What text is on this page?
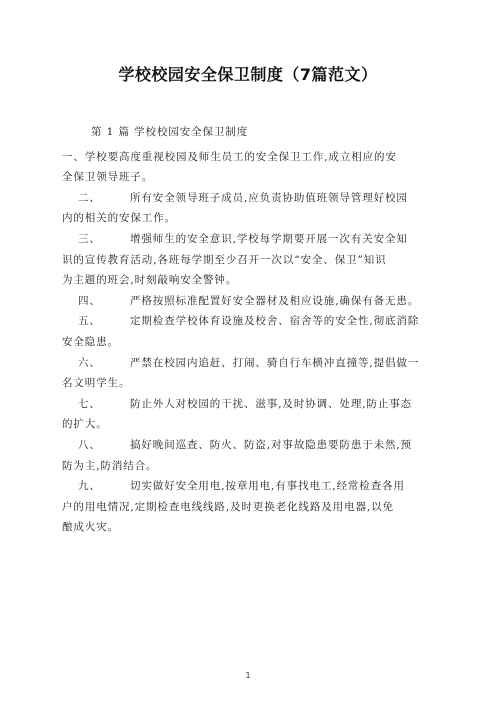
学校校园安全保卫制度（7篇范文）
第 1 篇 学校校园安全保卫制度
一、学校要高度重视校园及师生员工的安全保卫工作,成立相应的安
全保卫领导班子。
二、	所有安全领导班子成员,应负责协助值班领导管理好校园
内的相关的安保工作。
三、	增强师生的安全意识,学校每学期要开展一次有关安全知
识的宣传教育活动,各班每学期至少召开一次以“安全、保卫”知识
为主题的班会,时刻敲响安全警钟。
四、	严格按照标准配置好安全器材及相应设施,确保有备无患。
五、	定期检查学校体育设施及校舍、宿舍等的安全性,彻底消除
安全隐患。
六、	严禁在校园内追赶、打闹、骑自行车横冲直撞等,提倡做一
名文明学生。
七、	防止外人对校园的干扰、滋事,及时协调、处理,防止事态
的扩大。
八、	搞好晚间巡查、防火、防盗,对事故隐患要防患于未然,预
防为主,防消结合。
九、	切实做好安全用电,按章用电,有事找电工,经常检查各用
户的用电情况,定期检查电线线路,及时更换老化线路及用电器,以免
酿成火灾。
1
